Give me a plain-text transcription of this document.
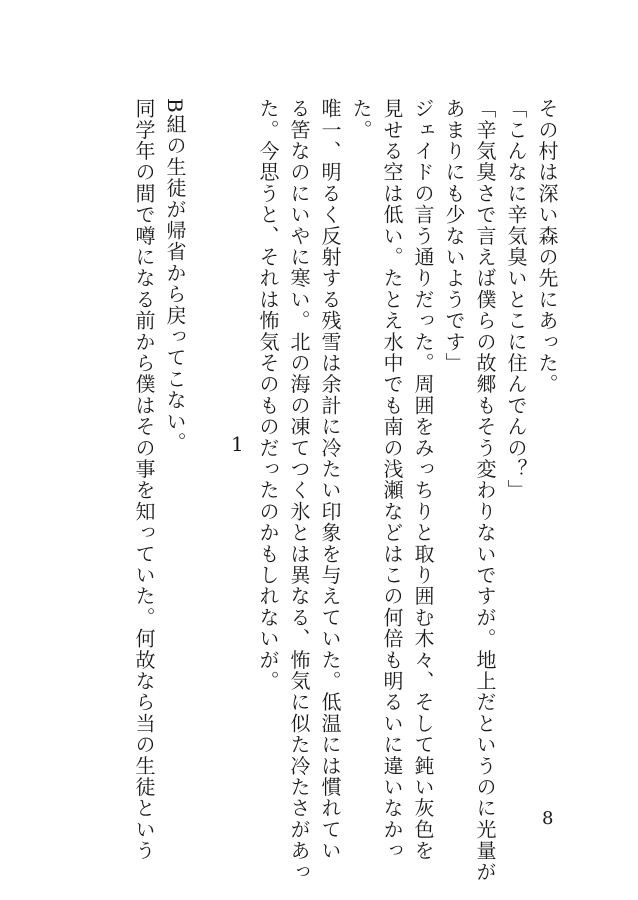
その村は深い森の先にあった。
「こんなに辛気臭いとこに住んでんの？」
「辛気臭さで言えば僕らの故郷もそう変わりないですが。地上だというのに光量が
あまりにも少ないようです」
ジェイドの言う通りだった。周囲をみっちりと取り囲む木々、そして鈍い灰色を
見せる空は低い。たとえ水中でも南の浅瀬などはこの何倍も明るいに違いなかっ
た。
唯一、明るく反射する残雪は余計に冷たい印象を与えていた。低温には慣れてい
る筈なのにいやに寒い。北の海の凍てつく氷とは異なる、怖気に似た冷たさがあっ
た。今思うと、それは怖気そのものだったのかもしれないが。
B組の生徒が帰省から戻ってこない。
同学年の間で噂になる前から僕はその事を知っていた。何故なら当の生徒という	1
8
